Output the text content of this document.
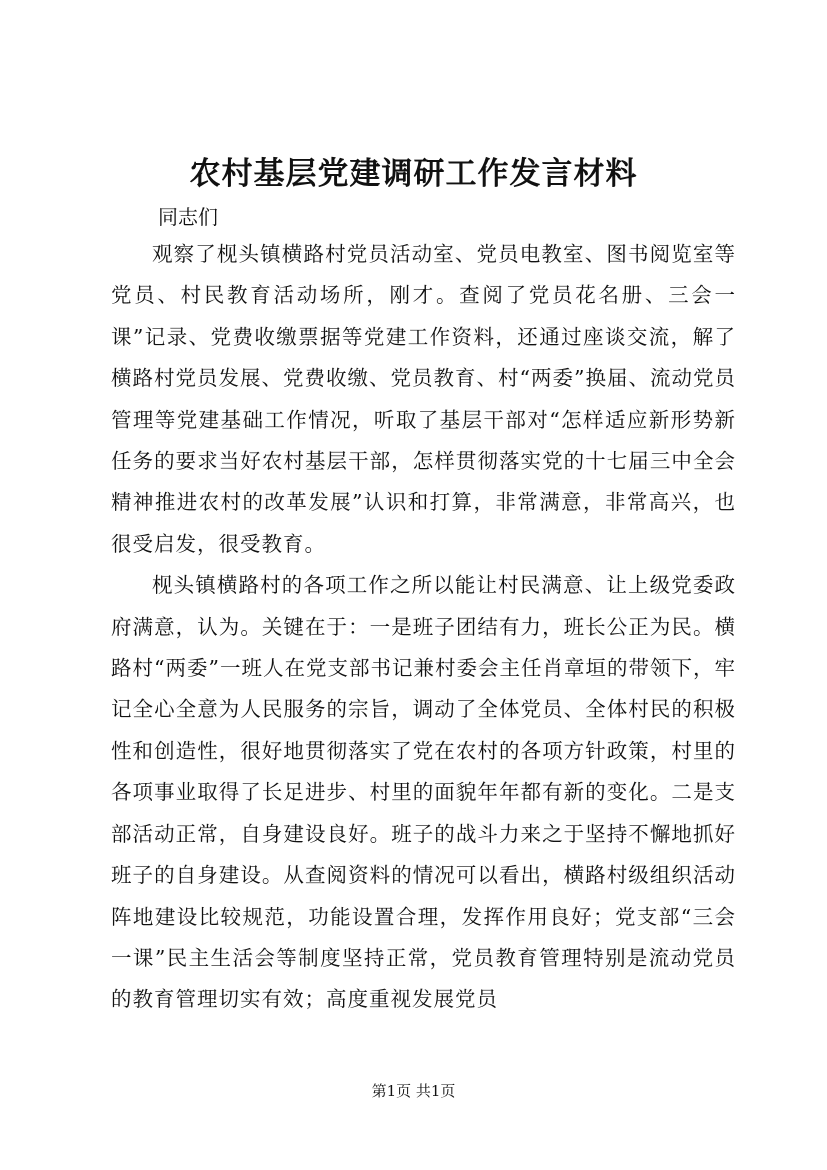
农村基层党建调研工作发言材料

同志们

观察了枧头镇横路村党员活动室、党员电教室、图书阅览室等党员、村民教育活动场所，刚才。查阅了党员花名册、三会一课”记录、党费收缴票据等党建工作资料，还通过座谈交流，解了横路村党员发展、党费收缴、党员教育、村“两委”换届、流动党员管理等党建基础工作情况，听取了基层干部对“怎样适应新形势新任务的要求当好农村基层干部，怎样贯彻落实党的十七届三中全会精神推进农村的改革发展”认识和打算，非常满意，非常高兴，也很受启发，很受教育。

枧头镇横路村的各项工作之所以能让村民满意、让上级党委政府满意，认为。关键在于：一是班子团结有力，班长公正为民。横路村“两委”一班人在党支部书记兼村委会主任肖章垣的带领下，牢记全心全意为人民服务的宗旨，调动了全体党员、全体村民的积极性和创造性，很好地贯彻落实了党在农村的各项方针政策，村里的各项事业取得了长足进步、村里的面貌年年都有新的变化。二是支部活动正常，自身建设良好。班子的战斗力来之于坚持不懈地抓好班子的自身建设。从查阅资料的情况可以看出，横路村级组织活动阵地建设比较规范，功能设置合理，发挥作用良好；党支部“三会一课”民主生活会等制度坚持正常，党员教育管理特别是流动党员的教育管理切实有效；高度重视发展党员

第1页 共1页
